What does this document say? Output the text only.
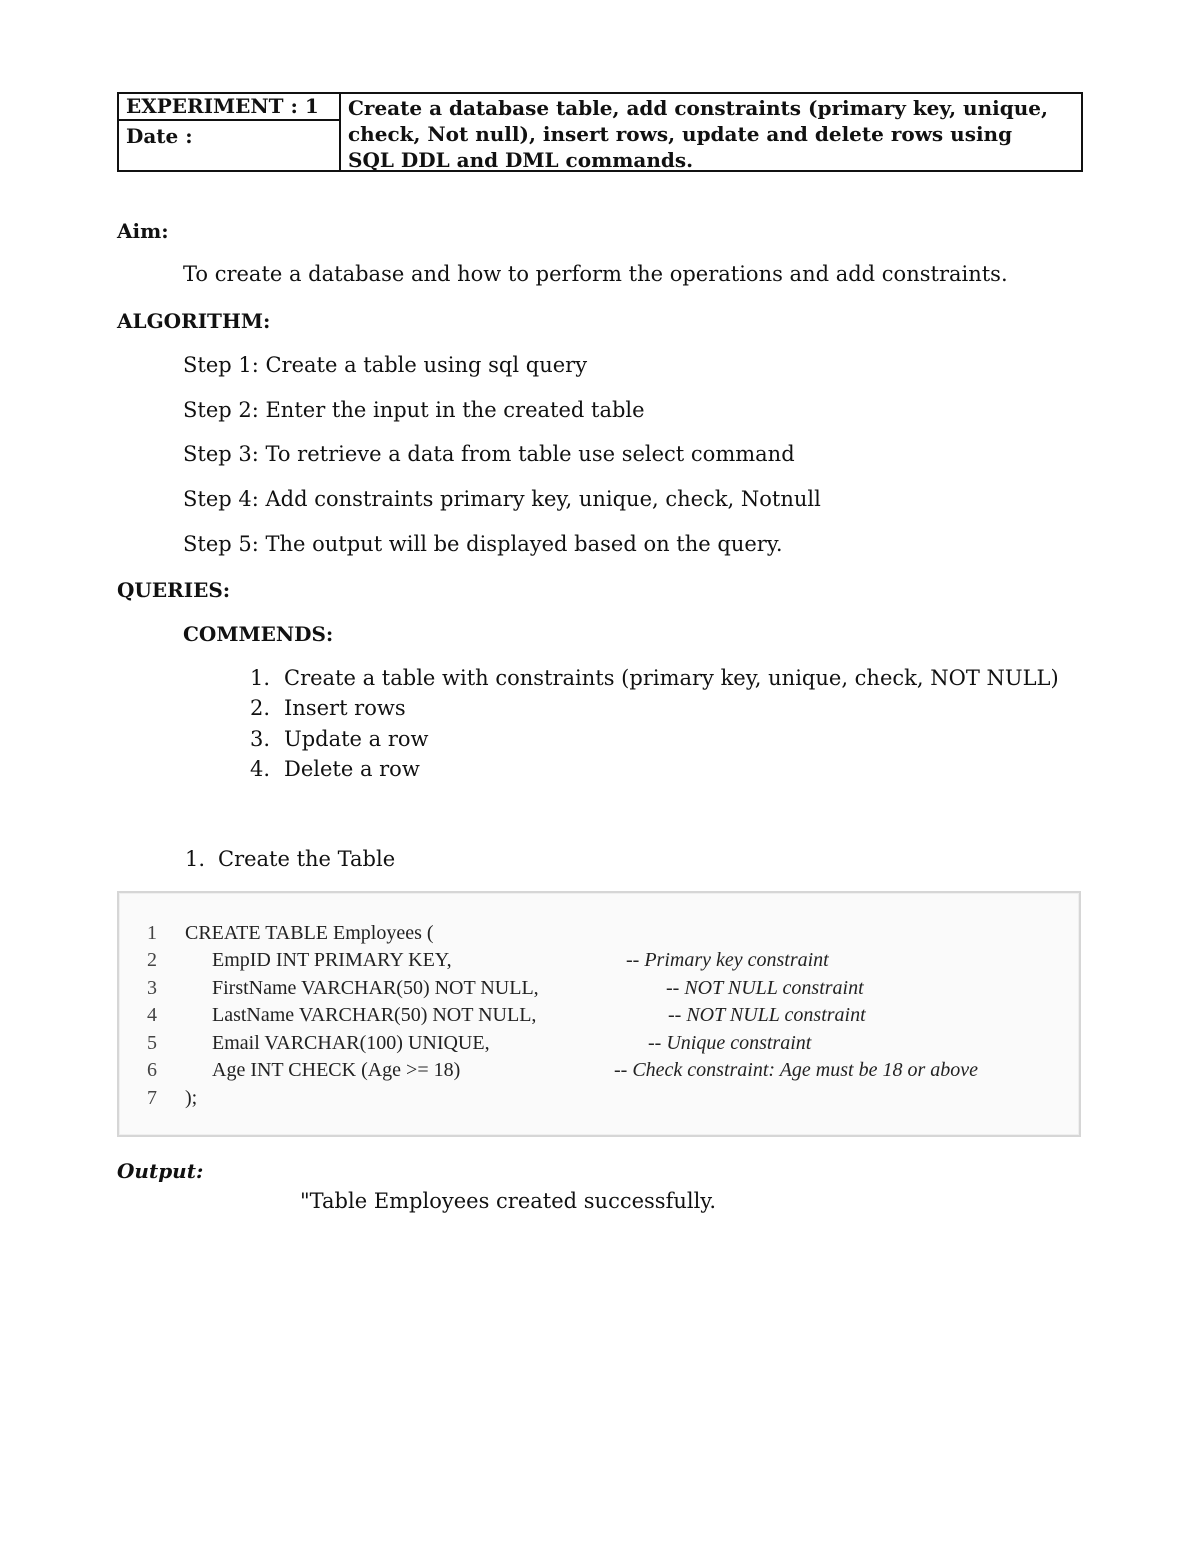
EXPERIMENT : 1
Date :
Create a database table, add constraints (primary key, unique,
check, Not null), insert rows, update and delete rows using
SQL DDL and DML commands.
Aim:
To create a database and how to perform the operations and add constraints.
ALGORITHM:
Step 1: Create a table using sql query
Step 2: Enter the input in the created table
Step 3: To retrieve a data from table use select command
Step 4: Add constraints primary key, unique, check, Notnull
Step 5: The output will be displayed based on the query.
QUERIES:
COMMENDS:
1. Create a table with constraints (primary key, unique, check, NOT NULL)
2. Insert rows
3. Update a row
4. Delete a row
1. Create the Table
1 CREATE TABLE Employees (
2	EmpID INT PRIMARY KEY,	-- Primary key constraint
3	FirstName VARCHAR(50) NOT NULL,	-- NOT NULL constraint
4	LastName VARCHAR(50) NOT NULL,	-- NOT NULL constraint
5	Email VARCHAR(100) UNIQUE,	-- Unique constraint
6	Age INT CHECK (Age >= 18)	-- Check constraint: Age must be 18 or above
7 );
Output:
"Table Employees created successfully.
